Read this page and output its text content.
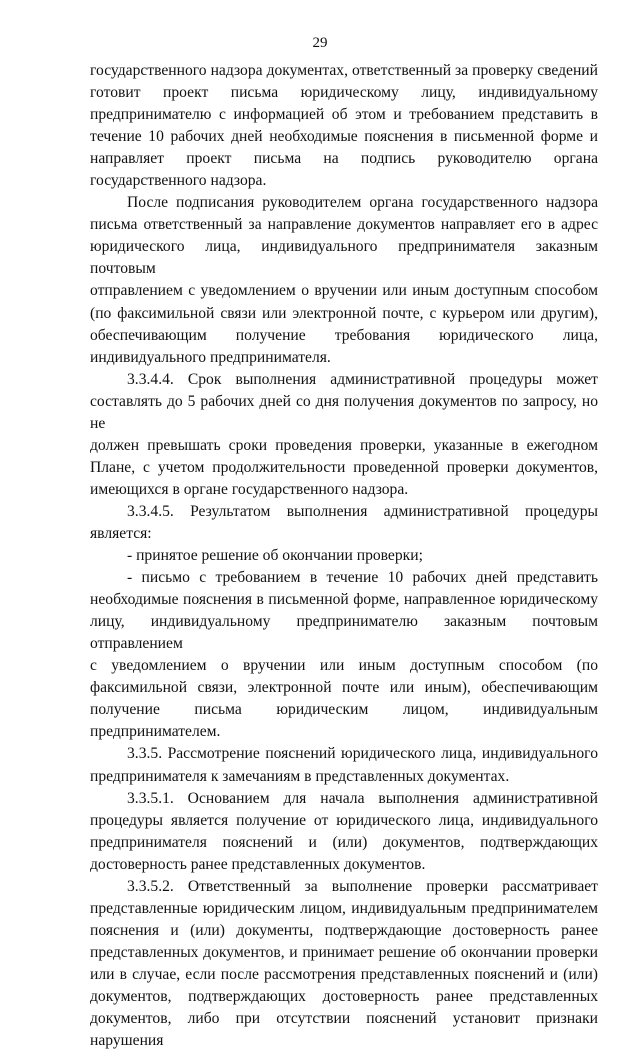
29

государственного надзора документах, ответственный за проверку сведений

готовит проект письма юридическому лицу, индивидуальному

предпринимателю с информацией об этом и требованием представить в

течение 10 рабочих дней необходимые пояснения в письменной форме и

направляет проект письма на подпись руководителю органа

государственного надзора.

После подписания руководителем органа государственного надзора

письма ответственный за направление документов направляет его в адрес

юридического лица, индивидуального предпринимателя заказным почтовым

отправлением с уведомлением о вручении или иным доступным способом

(по факсимильной связи или электронной почте, с курьером или другим),

обеспечивающим получение требования юридического лица,

индивидуального предпринимателя.

3.3.4.4. Срок выполнения административной процедуры может

составлять до 5 рабочих дней со дня получения документов по запросу, но не

должен превышать сроки проведения проверки, указанные в ежегодном

Плане, с учетом продолжительности проведенной проверки документов,

имеющихся в органе государственного надзора.

3.3.4.5. Результатом выполнения административной процедуры

является:

- принятое решение об окончании проверки;

- письмо с требованием в течение 10 рабочих дней представить

необходимые пояснения в письменной форме, направленное юридическому

лицу, индивидуальному предпринимателю заказным почтовым отправлением

с уведомлением о вручении или иным доступным способом (по

факсимильной связи, электронной почте или иным), обеспечивающим

получение письма юридическим лицом, индивидуальным предпринимателем.

3.3.5. Рассмотрение пояснений юридического лица, индивидуального

предпринимателя к замечаниям в представленных документах.

3.3.5.1. Основанием для начала выполнения административной

процедуры является получение от юридического лица, индивидуального

предпринимателя пояснений и (или) документов, подтверждающих

достоверность ранее представленных документов.

3.3.5.2. Ответственный за выполнение проверки рассматривает

представленные юридическим лицом, индивидуальным предпринимателем

пояснения и (или) документы, подтверждающие достоверность ранее

представленных документов, и принимает решение об окончании проверки

или в случае, если после рассмотрения представленных пояснений и (или)

документов, подтверждающих достоверность ранее представленных

документов, либо при отсутствии пояснений установит признаки нарушения
